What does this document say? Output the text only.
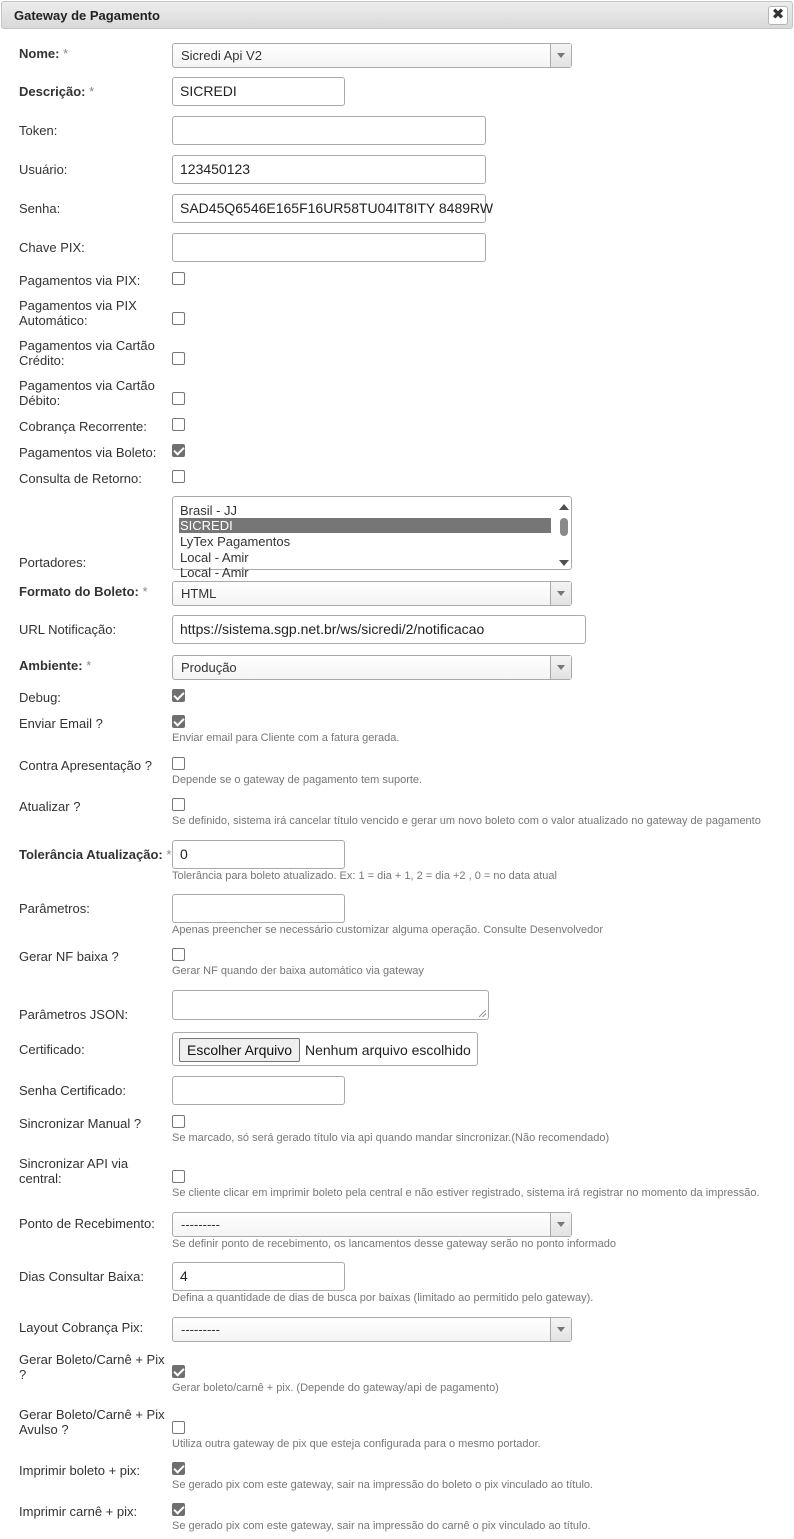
Gateway de Pagamento	✖
Nome: *	Sicredi Api V2
Descrição: *	SICREDI
Token:
Usuário:	123450123
Senha:	SAD45Q6546E165F16UR58TU04IT8ITY 8489RW
Chave PIX:
Pagamentos via PIX:
Pagamentos via PIX
Automático:
Pagamentos via Cartão
Crédito:
Pagamentos via Cartão
Débito:
Cobrança Recorrente:
Pagamentos via Boleto:
Consulta de Retorno:
Portadores:
Brasil - JJ
SICREDI
LyTex Pagamentos
Local - Amir
Local - Amir
Formato do Boleto: *	HTML
URL Notificação:	https://sistema.sgp.net.br/ws/sicredi/2/notificacao
Ambiente: *	Produção
Debug:
Enviar Email ?
Enviar email para Cliente com a fatura gerada.
Contra Apresentação ?
Depende se o gateway de pagamento tem suporte.
Atualizar ?
Se definido, sistema irá cancelar título vencido e gerar um novo boleto com o valor atualizado no gateway de pagamento
Tolerância Atualização: * 0
Tolerância para boleto atualizado. Ex: 1 = dia + 1, 2 = dia +2 , 0 = no data atual
Parâmetros:
Apenas preencher se necessário customizar alguma operação. Consulte Desenvolvedor
Gerar NF baixa ?
Gerar NF quando der baixa automático via gateway
Parâmetros JSON:
Certificado:	Escolher Arquivo Nenhum arquivo escolhido
Senha Certificado:
Sincronizar Manual ?
Se marcado, só será gerado título via api quando mandar sincronizar.(Não recomendado)
Sincronizar API via
central:
Se cliente clicar em imprimir boleto pela central e não estiver registrado, sistema irá registrar no momento da impressão.
Ponto de Recebimento:	---------
Se definir ponto de recebimento, os lancamentos desse gateway serão no ponto informado
Dias Consultar Baixa:	4
Defina a quantidade de dias de busca por baixas (limitado ao permitido pelo gateway).
Layout Cobrança Pix:	---------
Gerar Boleto/Carnê + Pix
?
Gerar boleto/carnê + pix. (Depende do gateway/api de pagamento)
Gerar Boleto/Carnê + Pix
Avulso ?
Utiliza outra gateway de pix que esteja configurada para o mesmo portador.
Imprimir boleto + pix:
Se gerado pix com este gateway, sair na impressão do boleto o pix vinculado ao título.
Imprimir carnê + pix:
Se gerado pix com este gateway, sair na impressão do carnê o pix vinculado ao título.
